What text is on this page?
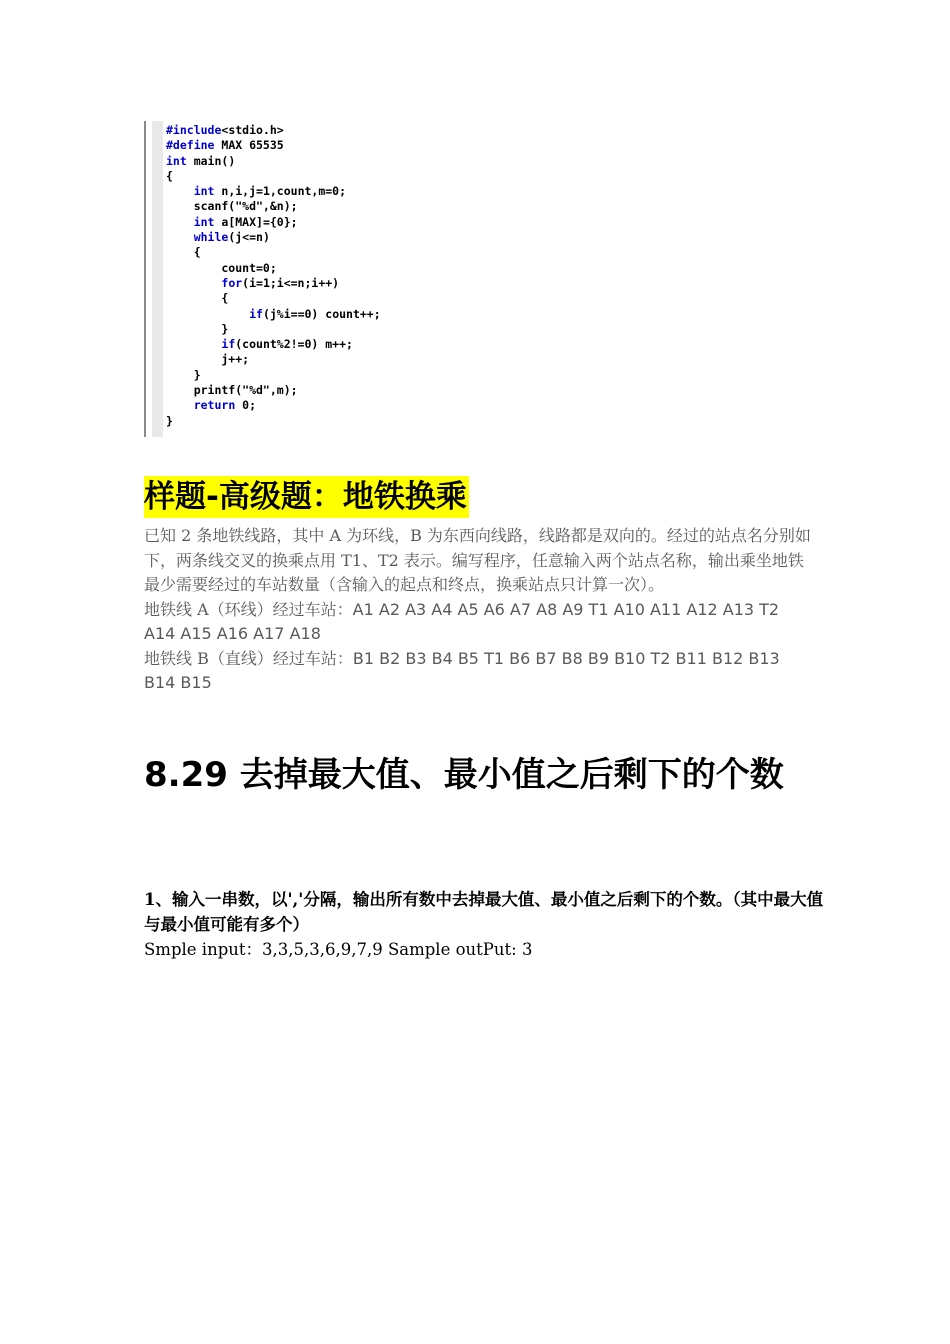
#include<stdio.h>
#define MAX 65535
int main()
{
int n,i,j=1,count,m=0;
scanf("%d",&n);
int a[MAX]={0};
while(j<=n)
{
count=0;
for(i=1;i<=n;i++)
{
if(j%i==0) count++;
}
if(count%2!=0) m++;
j++;
}
printf("%d",m);
return 0;
}
样题-高级题：地铁换乘

已知 2 条地铁线路，其中 A 为环线，B 为东西向线路，线路都是双向的。经过的站点名分别如下，两条线交叉的换乘点用 T1、T2 表示。编写程序，任意输入两个站点名称，输出乘坐地铁最少需要经过的车站数量（含输入的起点和终点，换乘站点只计算一次）。

地铁线 A（环线）经过车站：A1 A2 A3 A4 A5 A6 A7 A8 A9 T1 A10 A11 A12 A13 T2 A14 A15 A16 A17 A18

地铁线 B（直线）经过车站：B1 B2 B3 B4 B5 T1 B6 B7 B8 B9 B10 T2 B11 B12 B13 B14 B15

8.29 去掉最大值、最小值之后剩下的个数

1、输入一串数，以','分隔，输出所有数中去掉最大值、最小值之后剩下的个数。（其中最大值与最小值可能有多个）

Smple input：3,3,5,3,6,9,7,9 Sample outPut: 3
